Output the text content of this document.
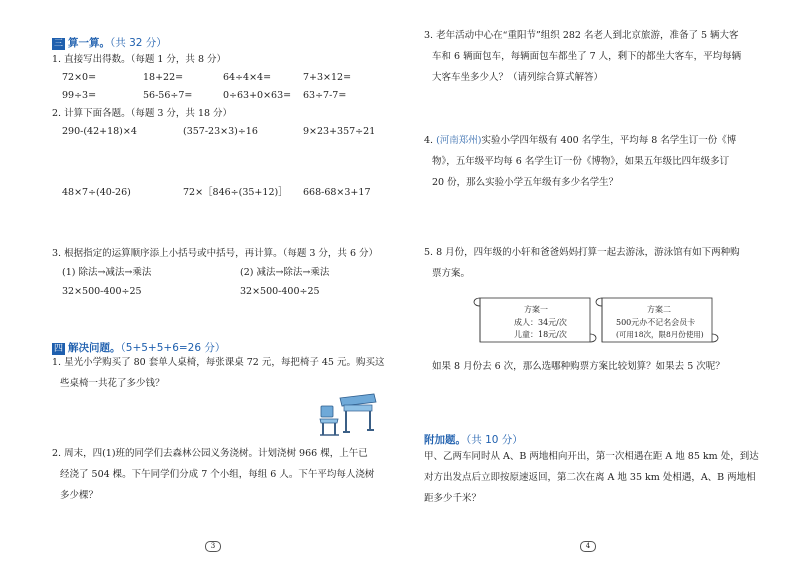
三 算一算。（共 32 分）
1. 直接写出得数。（每题 1 分，共 8 分）
72×0=	18+22=	64÷4×4=	7+3×12=
99÷3=	56-56÷7=	0÷63+0×63= 63÷7-7=
2. 计算下面各题。（每题 3 分，共 18 分）
290-(42+18)×4	(357-23×3)÷16	9×23+357÷21
48×7÷(40-26)	72×［846÷(35+12)］ 668-68×3+17
3. 根据指定的运算顺序添上小括号或中括号，再计算。（每题 3 分，共 6 分）
(1) 除法→减法→乘法	(2) 减法→除法→乘法
32×500-400÷25	32×500-400÷25
四 解决问题。（5+5+5+6=26 分）
1. 星光小学购买了 80 套单人桌椅，每张课桌 72 元，每把椅子 45 元。购买这
些桌椅一共花了多少钱？
2. 周末，四(1)班的同学们去森林公园义务浇树。计划浇树 966 棵，上午已
经浇了 504 棵。下午同学们分成 7 个小组，每组 6 人。下午平均每人浇树
多少棵？
3
3. 老年活动中心在“重阳节”组织 282 名老人到北京旅游，准备了 5 辆大客
车和 6 辆面包车，每辆面包车都坐了 7 人，剩下的都坐大客车，平均每辆
大客车坐多少人？（请列综合算式解答）
4. (河南郑州)实验小学四年级有 400 名学生，平均每 8 名学生订一份《博
物》，五年级平均每 6 名学生订一份《博物》，如果五年级比四年级多订
20 份，那么实验小学五年级有多少名学生？
5. 8 月份，四年级的小轩和爸爸妈妈打算一起去游泳，游泳馆有如下两种购
票方案。
方案一
成人：34元/次
儿童：18元/次
方案二
500元办不记名会员卡
(可用18次，限8月份使用)
如果 8 月份去 6 次，那么选哪种购票方案比较划算？如果去 5 次呢？
附加题。（共 10 分）
甲、乙两车同时从 A、B 两地相向开出，第一次相遇在距 A 地 85 km 处，到达
对方出发点后立即按原速返回，第二次在离 A 地 35 km 处相遇，A、B 两地相
距多少千米？
4
